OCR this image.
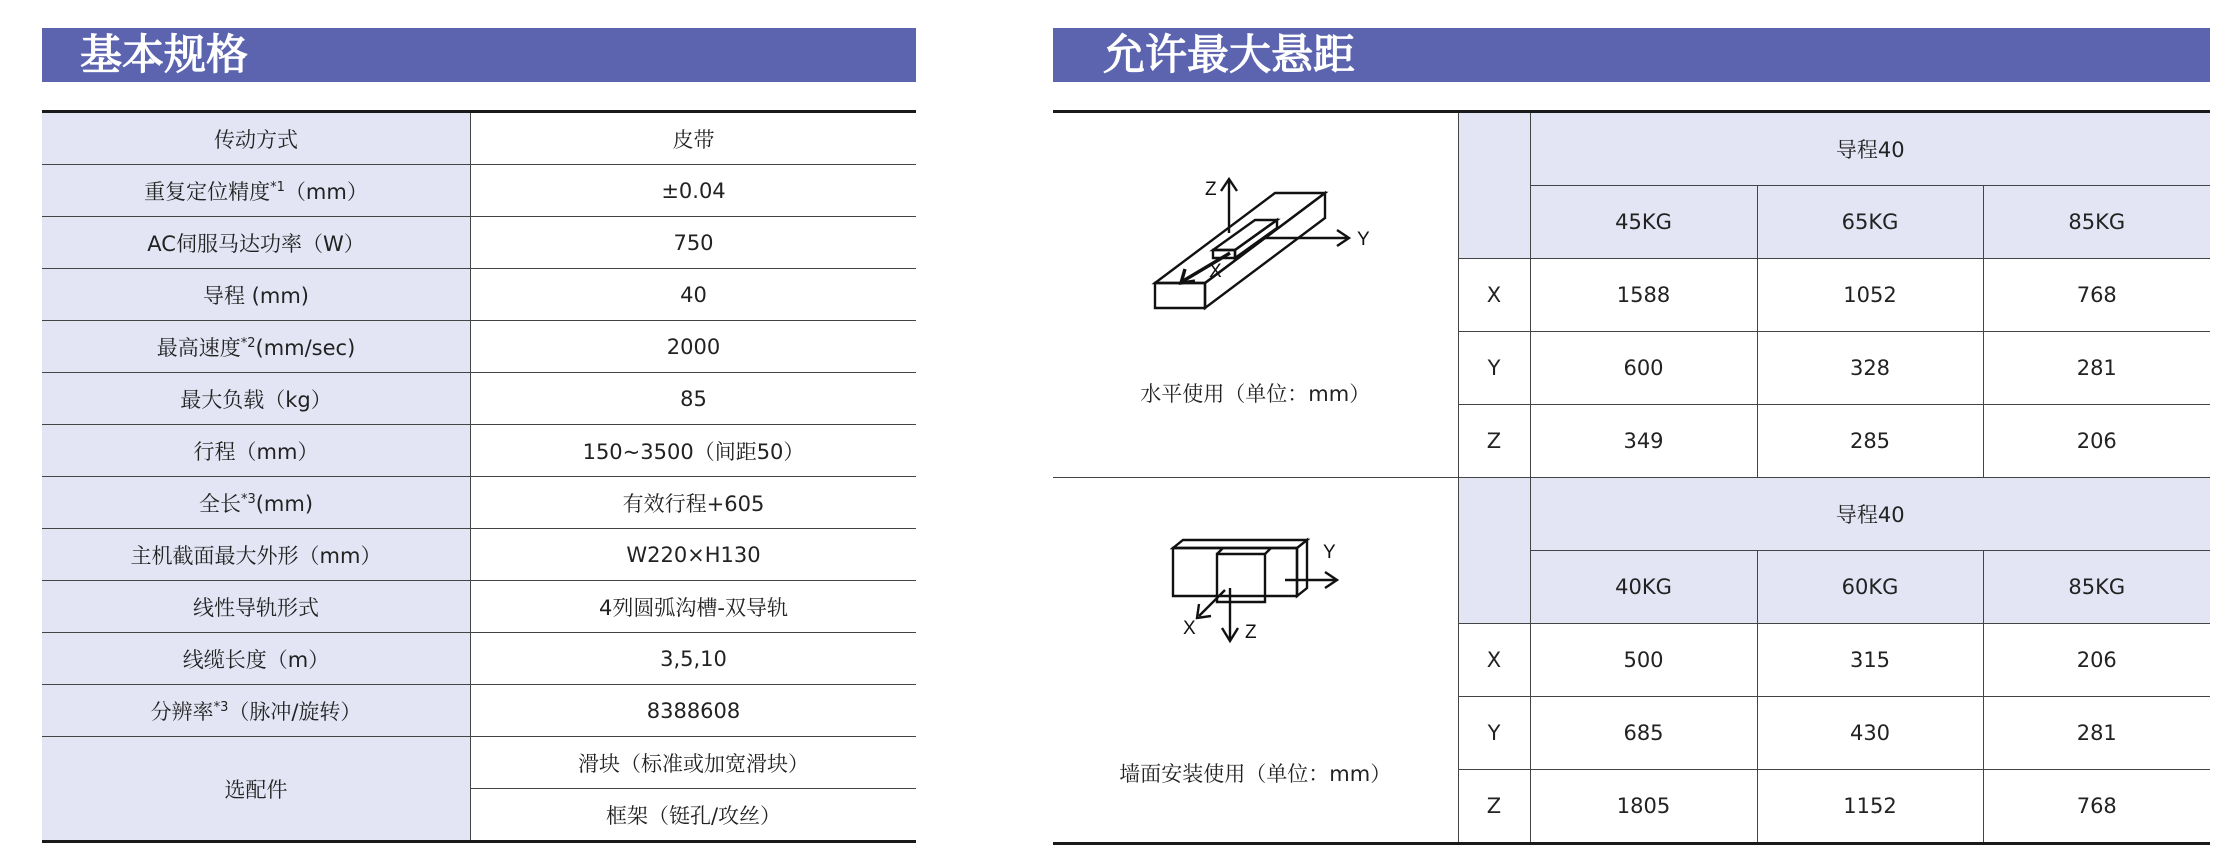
基本规格	允许最大悬距
传动方式	皮带
重复定位精度$^{*1}$（mm）	±0.04
AC伺服马达功率（W）	750
导程 (mm)	40
最高速度$^{*2}$(mm/sec)	2000
最大负载（kg）	85
行程（mm）	150~3500（间距50）
全长$^{*3}$(mm)	有效行程+605
主机截面最大外形（mm）	W220×H130
线性导轨形式	4列圆弧沟槽-双导轨
线缆长度（m）	3,5,10
分辨率$^{*3}$（脉冲/旋转）	8388608
选配件	滑块（标准或加宽滑块）
	框架（铤孔/攻丝）
Z
Y
X
水平使用（单位：mm）		导程40		
		45KG	65KG	85KG
	X	1588	1052	768
	Y	600	328	281
	Z	349	285	206

Y
X Z
墙面安装使用（单位：mm）		导程40		
		40KG	60KG	85KG
	X	500	315	206
	Y	685	430	281
	Z	1805	1152	768
